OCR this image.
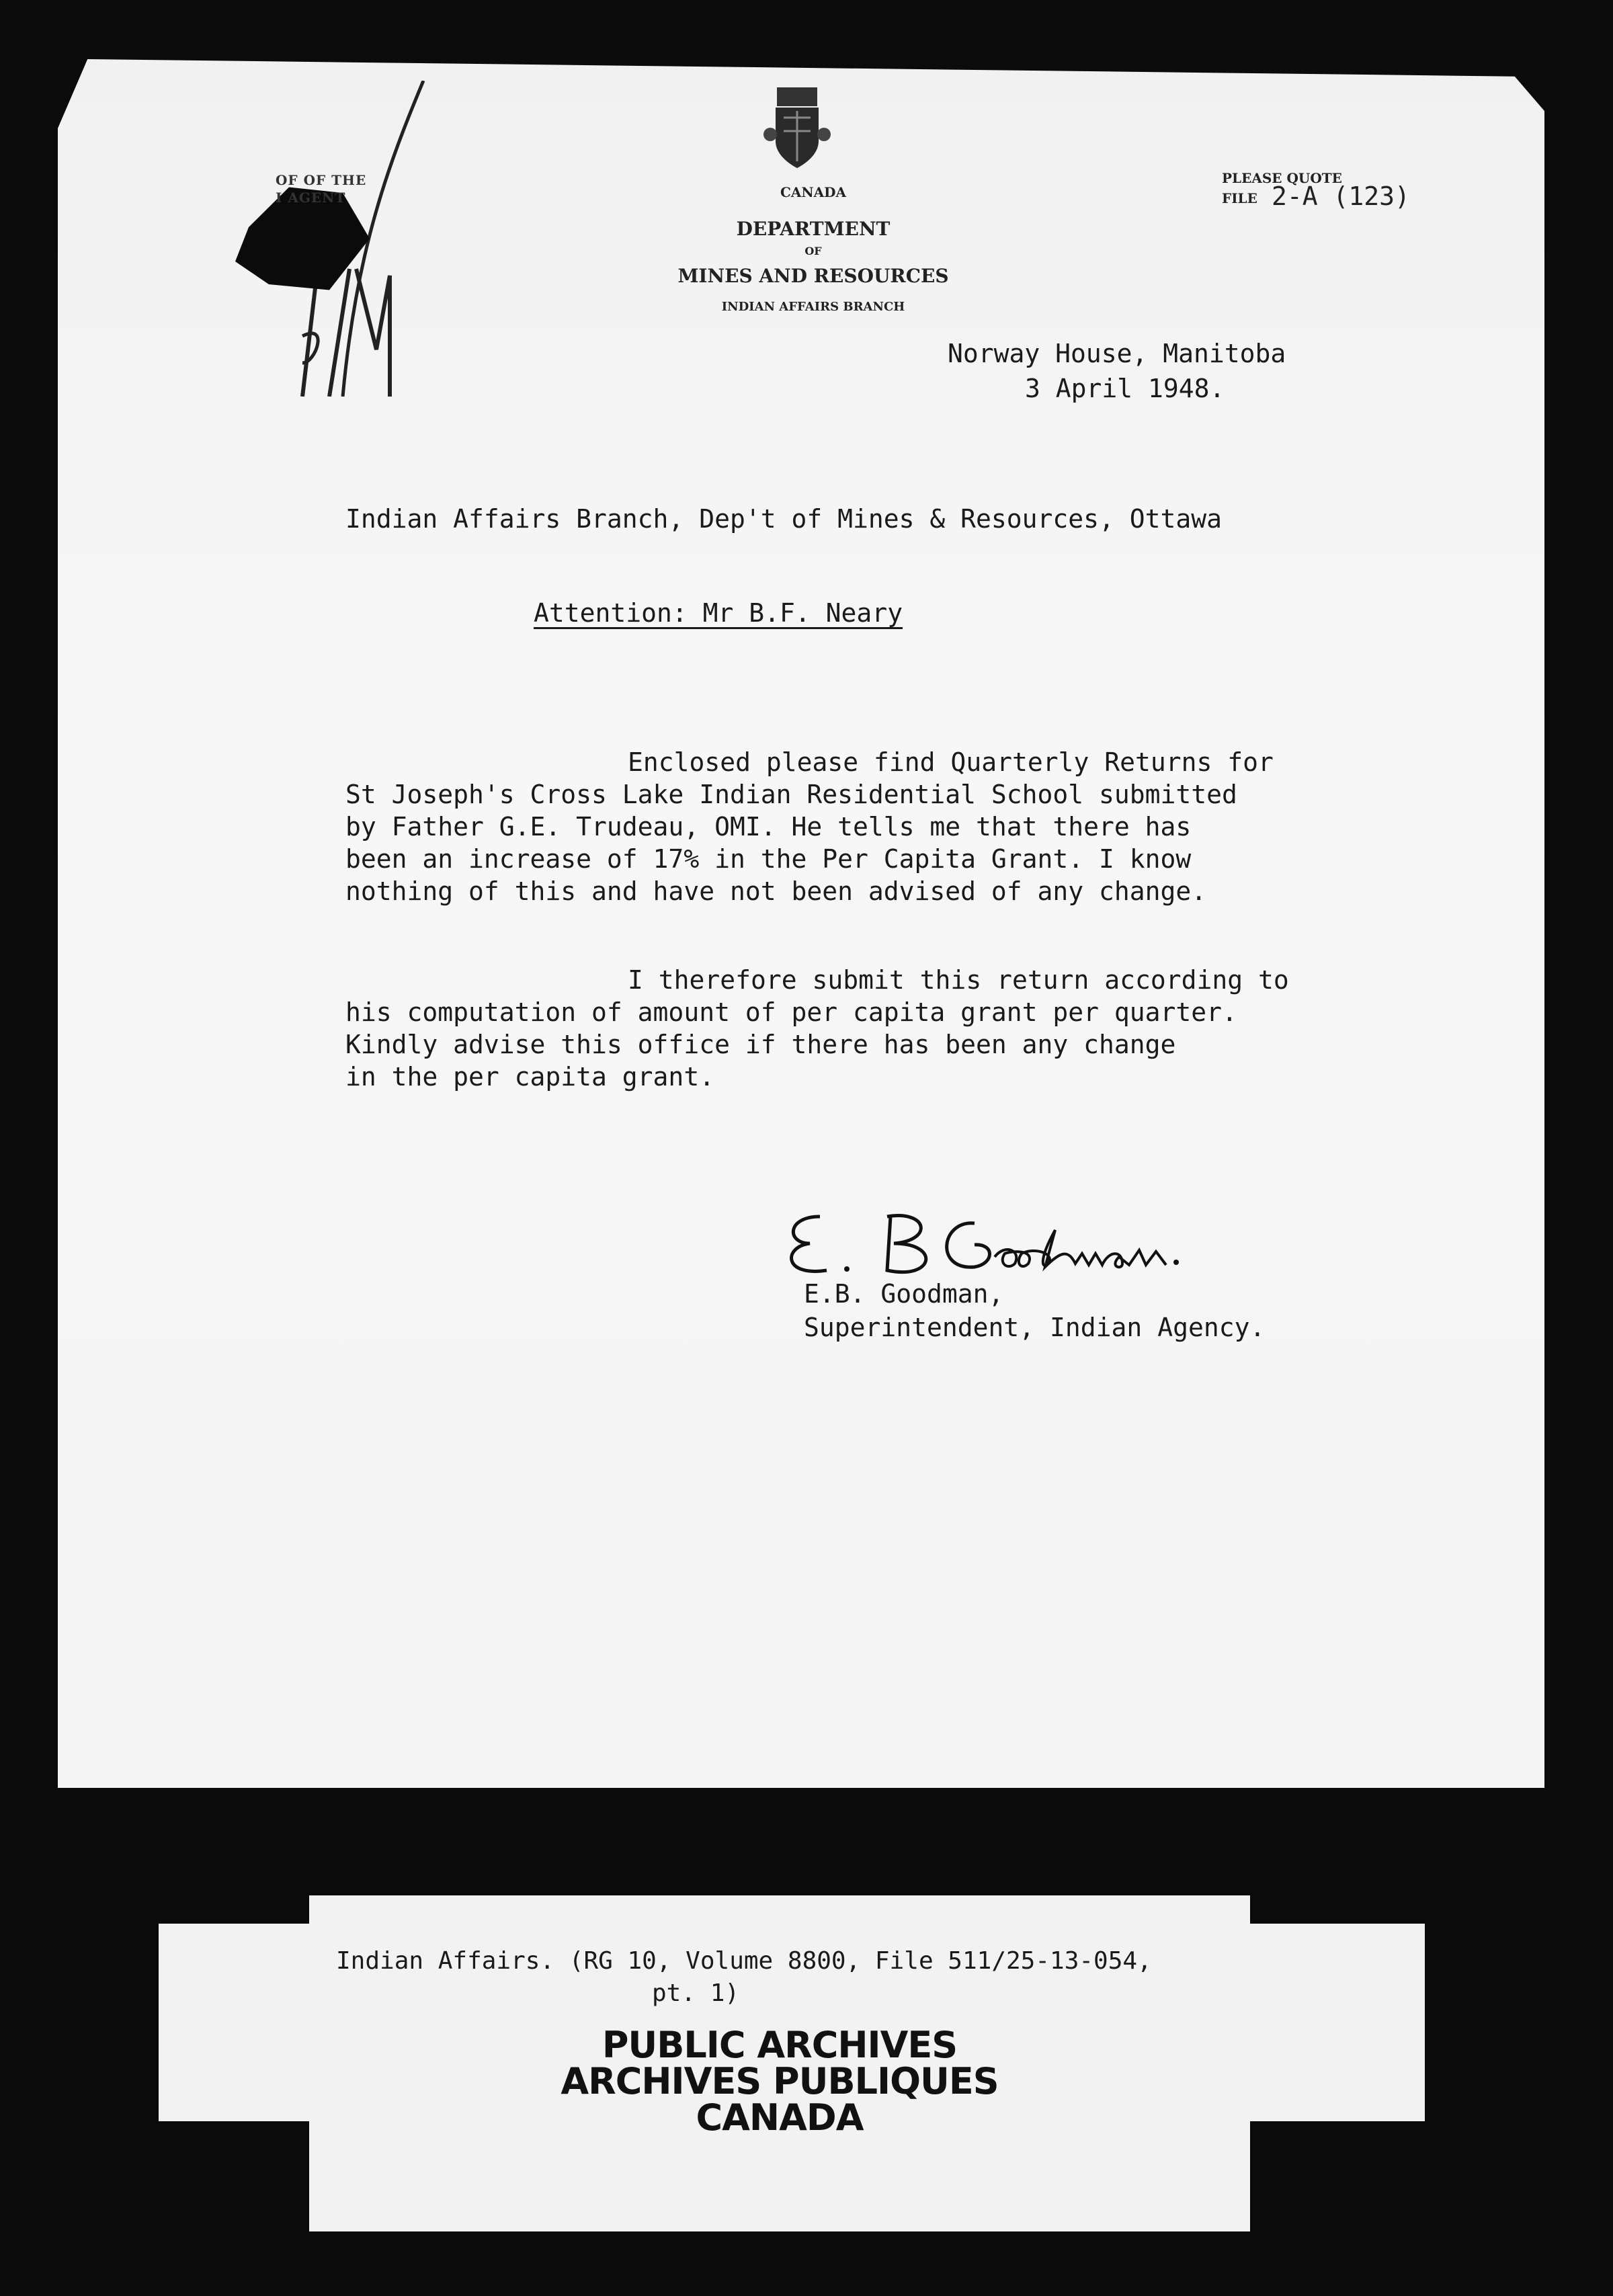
OF OF THE
I AGENT	CANADA
DEPARTMENT
OF
MINES AND RESOURCES
INDIAN AFFAIRS BRANCH
PLEASE QUOTE
FILE 2-A (123)
Norway House, Manitoba
3 April 1948.
Indian Affairs Branch, Dep't of Mines & Resources, Ottawa
Attention: Mr B.F. Neary
Enclosed please find Quarterly Returns for
St Joseph's Cross Lake Indian Residential School submitted
by Father G.E. Trudeau, OMI. He tells me that there has
been an increase of 17% in the Per Capita Grant. I know
nothing of this and have not been advised of any change.
I therefore submit this return according to
his computation of amount of per capita grant per quarter.
Kindly advise this office if there has been any change
in the per capita grant.
E.B. Goodman,
Superintendent, Indian Agency.
Indian Affairs. (RG 10, Volume 8800, File 511/25-13-054,
pt. 1)
PUBLIC ARCHIVES
ARCHIVES PUBLIQUES
CANADA
